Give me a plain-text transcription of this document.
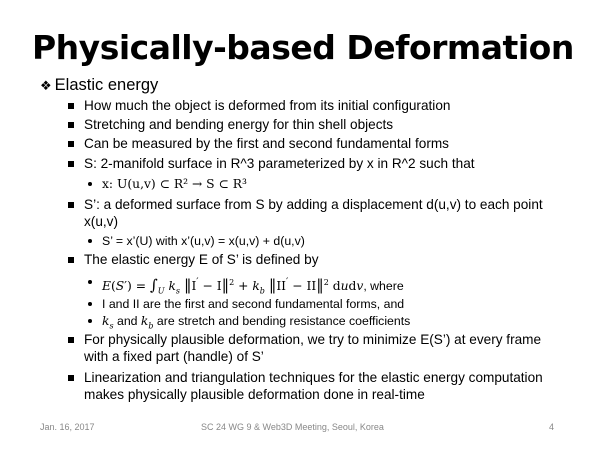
Physically-based Deformation
❖ Elastic energy
How much the object is deformed from its initial configuration
Stretching and bending energy for thin shell objects
Can be measured by the first and second fundamental forms
S: 2-manifold surface in R^3 parameterized by x in R^2 such that
x: U(u,v) ⊂ R² → S ⊂ R³
S’: a deformed surface from S by adding a displacement d(u,v) to each point x(u,v)
S’ = x’(U) with x’(u,v) = x(u,v) + d(u,v)
The elastic energy E of S’ is defined by
$E(S') = \int_U$ $k_s$ ‖I′ − I‖$^2$ + $k_b$ ‖II′ − II‖$^2$ dudv, where
I and II are the first and second fundamental forms, and
$k_s$ and $k_b$ are stretch and bending resistance coefficients
For physically plausible deformation, we try to minimize E(S’) at every frame with a fixed part (handle) of S’
Linearization and triangulation techniques for the elastic energy computation makes physically plausible deformation done in real-time
Jan. 16, 2017	SC 24 WG 9 & Web3D Meeting, Seoul, Korea	4
